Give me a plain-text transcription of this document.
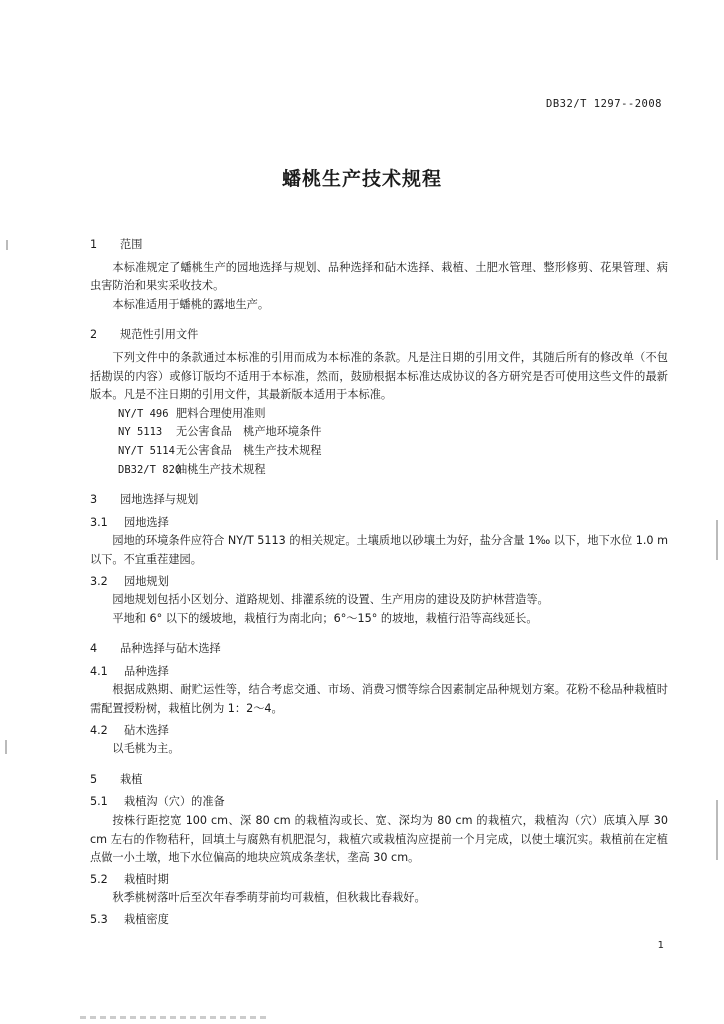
DB32/T 1297--2008
蟠桃生产技术规程
1 范围
本标准规定了蟠桃生产的园地选择与规划、品种选择和砧木选择、栽植、土肥水管理、整形修剪、花果管理、病虫害防治和果实采收技术。
本标准适用于蟠桃的露地生产。
2 规范性引用文件
下列文件中的条款通过本标准的引用而成为本标准的条款。凡是注日期的引用文件，其随后所有的修改单（不包括勘误的内容）或修订版均不适用于本标准，然而，鼓励根据本标准达成协议的各方研究是否可使用这些文件的最新版本。凡是不注日期的引用文件，其最新版本适用于本标准。
NY/T 496 肥料合理使用准则
NY 5113 无公害食品　桃产地环境条件
NY/T 5114无公害食品　桃生产技术规程
DB32/T 820油桃生产技术规程
3 园地选择与规划
3.1 园地选择
园地的环境条件应符合 NY/T 5113 的相关规定。土壤质地以砂壤土为好，盐分含量 1‰ 以下，地下水位 1.0 m 以下。不宜重茬建园。
3.2 园地规划
园地规划包括小区划分、道路规划、排灌系统的设置、生产用房的建设及防护林营造等。
平地和 6° 以下的缓坡地，栽植行为南北向；6°～15° 的坡地，栽植行沿等高线延长。
4 品种选择与砧木选择
4.1 品种选择
根据成熟期、耐贮运性等，结合考虑交通、市场、消费习惯等综合因素制定品种规划方案。花粉不稔品种栽植时需配置授粉树，栽植比例为 1：2～4。
4.2 砧木选择
以毛桃为主。
5 栽植
5.1 栽植沟（穴）的准备
按株行距挖宽 100 cm、深 80 cm 的栽植沟或长、宽、深均为 80 cm 的栽植穴，栽植沟（穴）底填入厚 30 cm 左右的作物秸秆，回填土与腐熟有机肥混匀，栽植穴或栽植沟应提前一个月完成，以使土壤沉实。栽植前在定植点做一小土墩，地下水位偏高的地块应筑成条垄状，垄高 30 cm。
5.2 栽植时期
秋季桃树落叶后至次年春季萌芽前均可栽植，但秋栽比春栽好。
5.3 栽植密度
1
